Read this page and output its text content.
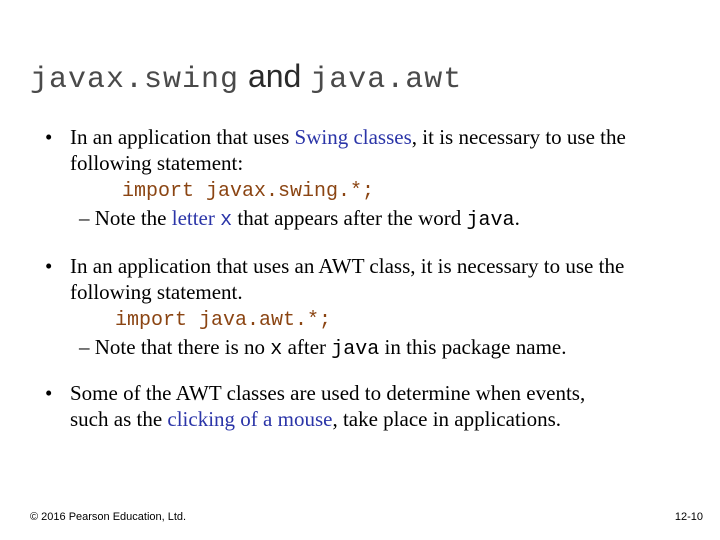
javax.swing and java.awt
• In an application that uses Swing classes, it is necessary to use the following statement:
import javax.swing.*;
– Note the letter x that appears after the word java.
• In an application that uses an AWT class, it is necessary to use the following statement.
import java.awt.*;
– Note that there is no x after java in this package name.
• Some of the AWT classes are used to determine when events, such as the clicking of a mouse, take place in applications.
© 2016 Pearson Education, Ltd.	12-10
